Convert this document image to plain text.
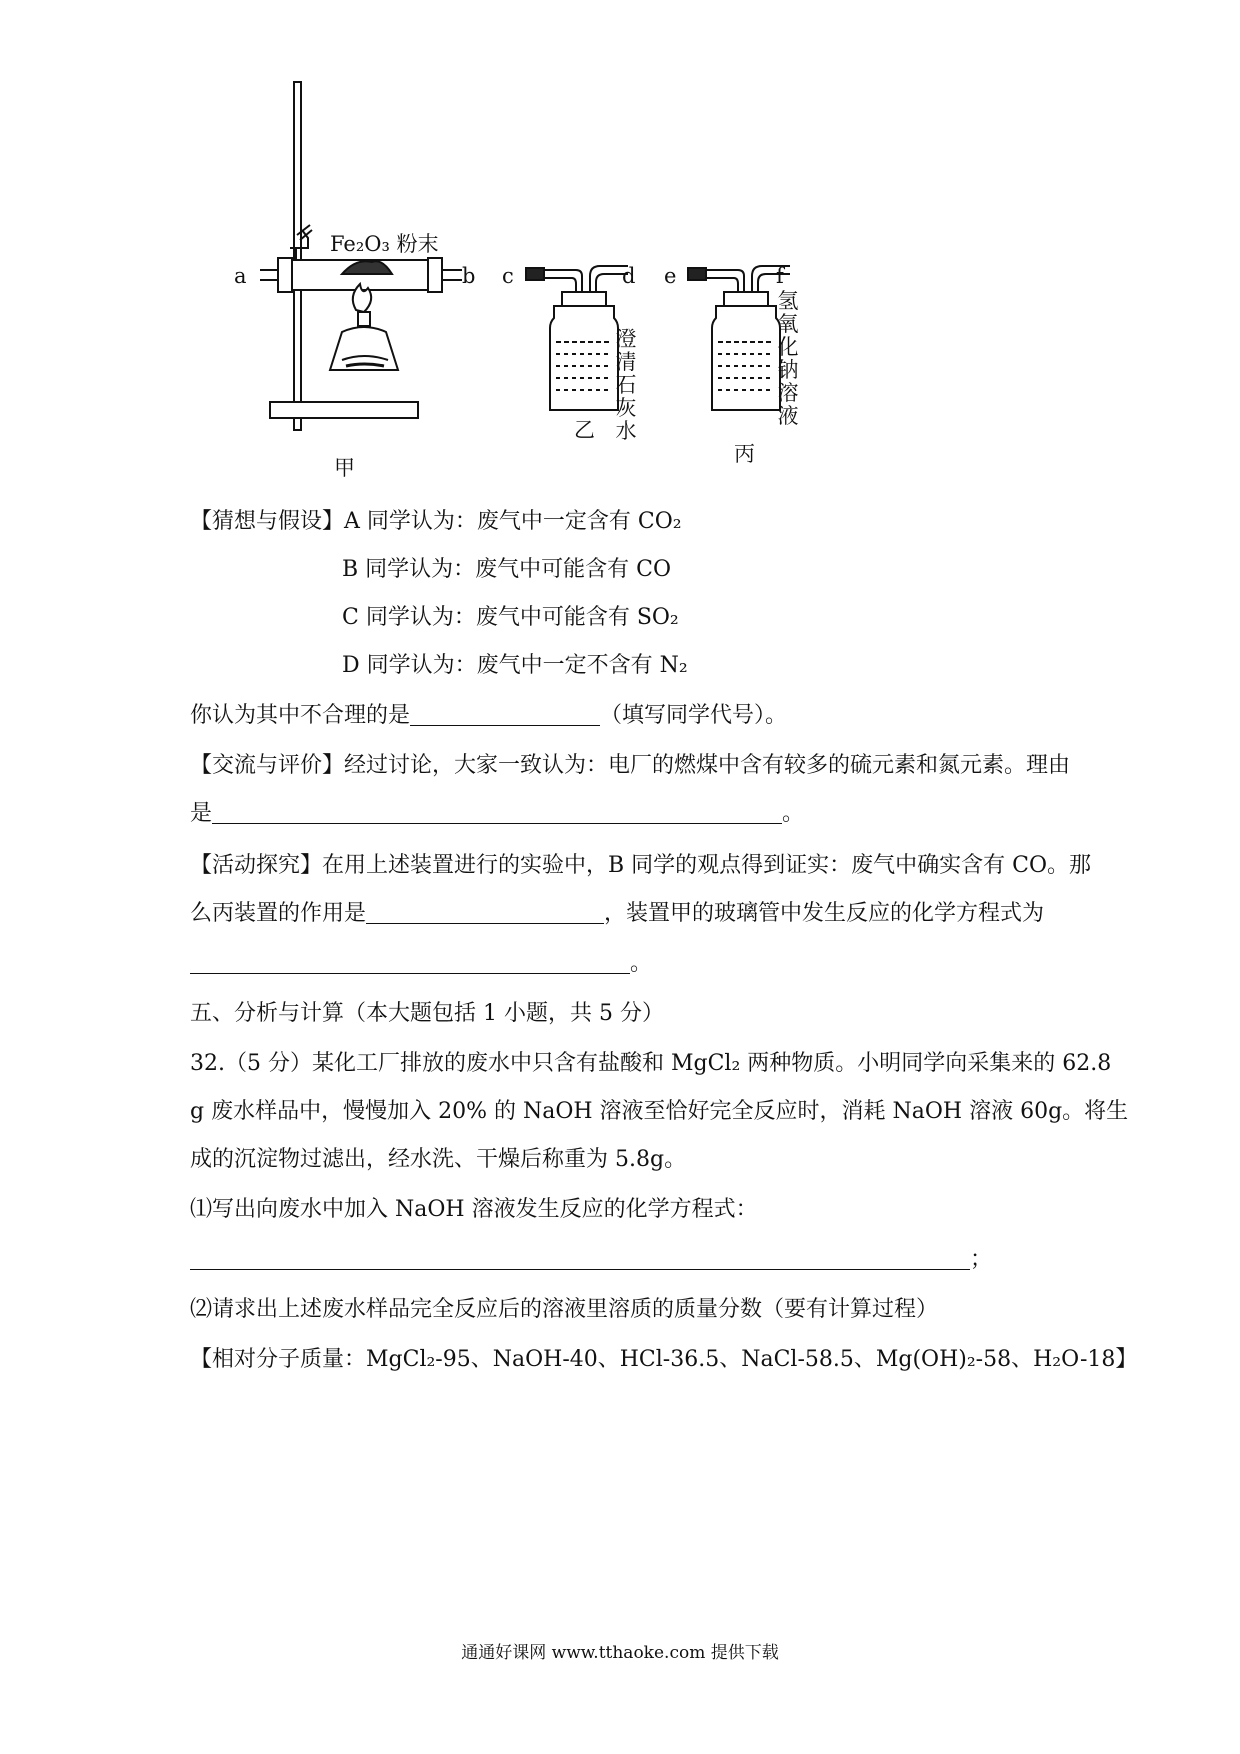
Fe₂O₃ 粉末
a	b c	d e	f
甲
乙
丙
澄
清
石
灰
水
氢
氧
化
钠
溶
液
【猜想与假设】A 同学认为：废气中一定含有 CO₂
B 同学认为：废气中可能含有 CO
C 同学认为：废气中可能含有 SO₂
D 同学认为：废气中一定不含有 N₂
你认为其中不合理的是	（填写同学代号）。
【交流与评价】经过讨论，大家一致认为：电厂的燃煤中含有较多的硫元素和氮元素。理由
是	。
【活动探究】在用上述装置进行的实验中，B 同学的观点得到证实：废气中确实含有 CO。那
么丙装置的作用是	，装置甲的玻璃管中发生反应的化学方程式为
。
五、分析与计算（本大题包括 1 小题，共 5 分）
32.（5 分）某化工厂排放的废水中只含有盐酸和 MgCl₂ 两种物质。小明同学向采集来的 62.8
g 废水样品中，慢慢加入 20% 的 NaOH 溶液至恰好完全反应时，消耗 NaOH 溶液 60g。将生
成的沉淀物过滤出，经水洗、干燥后称重为 5.8g。
⑴写出向废水中加入 NaOH 溶液发生反应的化学方程式：
；
⑵请求出上述废水样品完全反应后的溶液里溶质的质量分数（要有计算过程）
【相对分子质量：MgCl₂-95、NaOH-40、HCl-36.5、NaCl-58.5、Mg(OH)₂-58、H₂O-18】
通通好课网 www.tthaoke.com 提供下载
